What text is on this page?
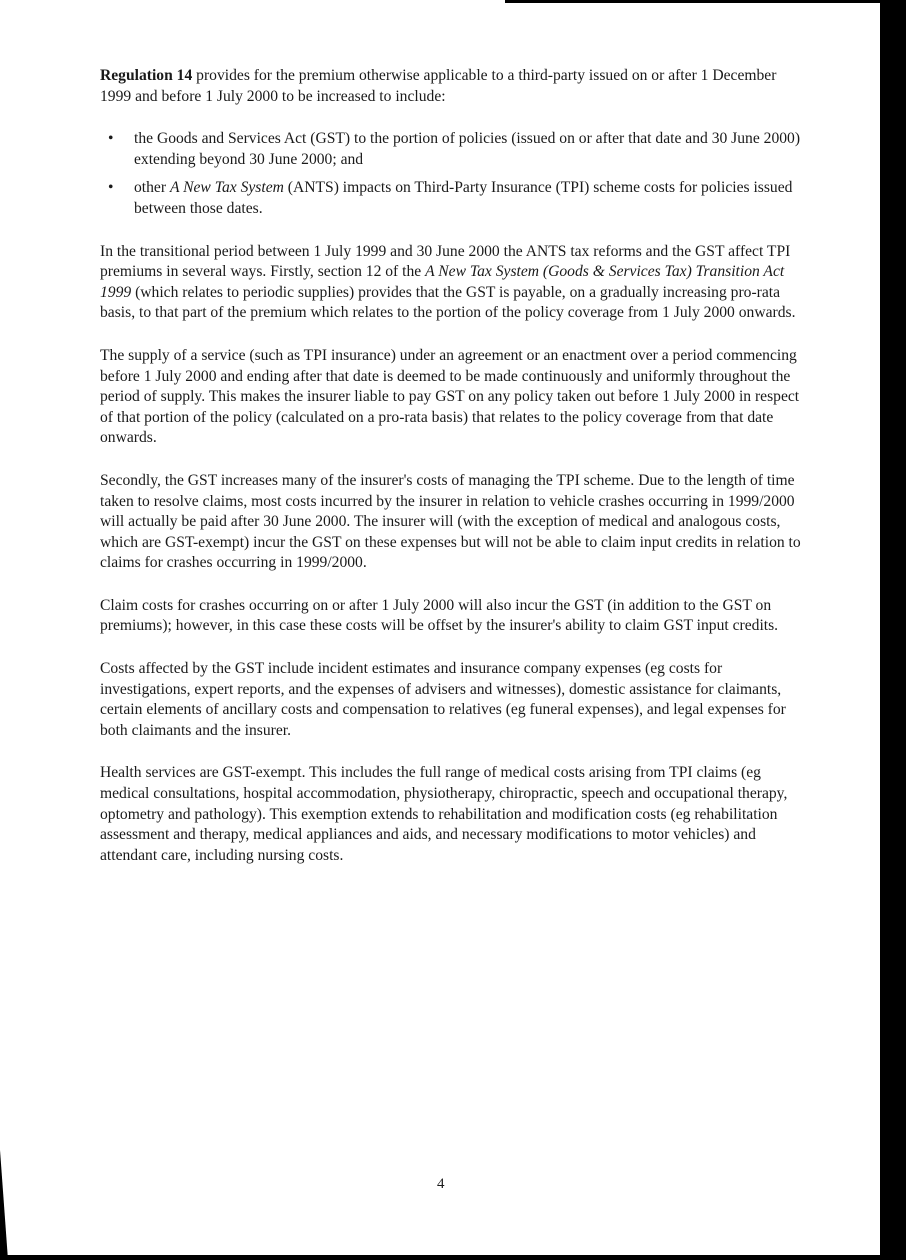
Regulation 14 provides for the premium otherwise applicable to a third-party issued on or after 1 December 1999 and before 1 July 2000 to be increased to include:

• the Goods and Services Act (GST) to the portion of policies (issued on or after that date and 30 June 2000) extending beyond 30 June 2000; and
• other A New Tax System (ANTS) impacts on Third-Party Insurance (TPI) scheme costs for policies issued between those dates.

In the transitional period between 1 July 1999 and 30 June 2000 the ANTS tax reforms and the GST affect TPI premiums in several ways. Firstly, section 12 of the A New Tax System (Goods & Services Tax) Transition Act 1999 (which relates to periodic supplies) provides that the GST is payable, on a gradually increasing pro-rata basis, to that part of the premium which relates to the portion of the policy coverage from 1 July 2000 onwards.

The supply of a service (such as TPI insurance) under an agreement or an enactment over a period commencing before 1 July 2000 and ending after that date is deemed to be made continuously and uniformly throughout the period of supply. This makes the insurer liable to pay GST on any policy taken out before 1 July 2000 in respect of that portion of the policy (calculated on a pro-rata basis) that relates to the policy coverage from that date onwards.

Secondly, the GST increases many of the insurer's costs of managing the TPI scheme. Due to the length of time taken to resolve claims, most costs incurred by the insurer in relation to vehicle crashes occurring in 1999/2000 will actually be paid after 30 June 2000. The insurer will (with the exception of medical and analogous costs, which are GST-exempt) incur the GST on these expenses but will not be able to claim input credits in relation to claims for crashes occurring in 1999/2000.

Claim costs for crashes occurring on or after 1 July 2000 will also incur the GST (in addition to the GST on premiums); however, in this case these costs will be offset by the insurer's ability to claim GST input credits.

Costs affected by the GST include incident estimates and insurance company expenses (eg costs for investigations, expert reports, and the expenses of advisers and witnesses), domestic assistance for claimants, certain elements of ancillary costs and compensation to relatives (eg funeral expenses), and legal expenses for both claimants and the insurer.

Health services are GST-exempt. This includes the full range of medical costs arising from TPI claims (eg medical consultations, hospital accommodation, physiotherapy, chiropractic, speech and occupational therapy, optometry and pathology). This exemption extends to rehabilitation and modification costs (eg rehabilitation assessment and therapy, medical appliances and aids, and necessary modifications to motor vehicles) and attendant care, including nursing costs.

4
